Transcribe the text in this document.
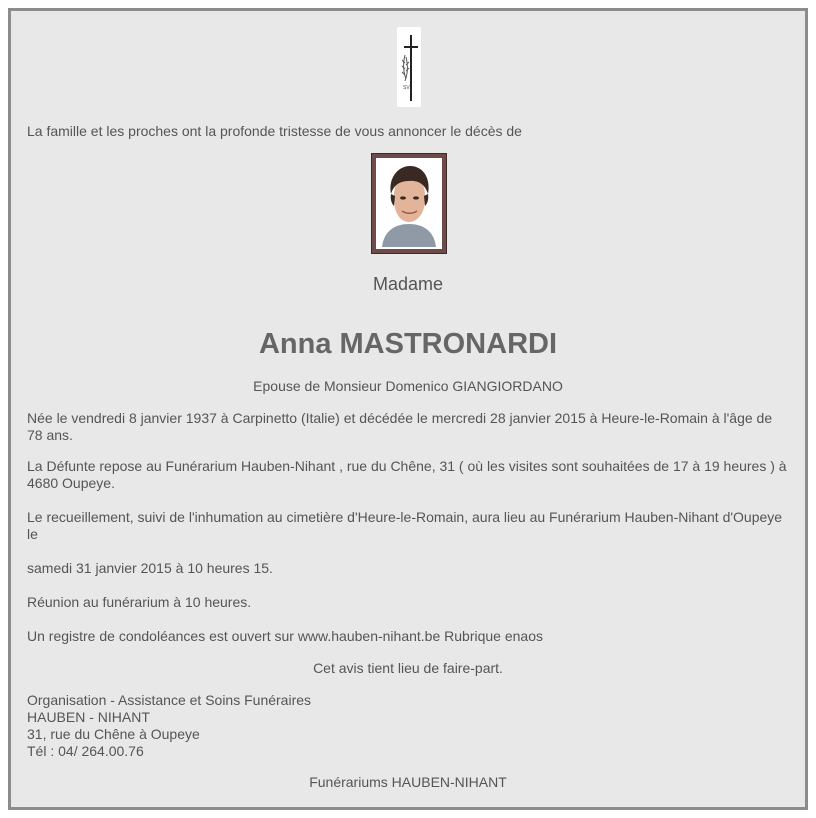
SV
La famille et les proches ont la profonde tristesse de vous annoncer le décès de
Madame
Anna MASTRONARDI
Epouse de Monsieur Domenico GIANGIORDANO
Née le vendredi 8 janvier 1937 à Carpinetto (Italie) et décédée le mercredi 28 janvier 2015 à Heure-le-Romain à l'âge de 78 ans.
La Défunte repose au Funérarium Hauben-Nihant , rue du Chêne, 31 ( où les visites sont souhaitées de 17 à 19 heures ) à 4680 Oupeye.
Le recueillement, suivi de l'inhumation au cimetière d'Heure-le-Romain, aura lieu au Funérarium Hauben-Nihant d'Oupeye le
samedi 31 janvier 2015 à 10 heures 15.
Réunion au funérarium à 10 heures.
Un registre de condoléances est ouvert sur www.hauben-nihant.be Rubrique enaos
Cet avis tient lieu de faire-part.
Organisation - Assistance et Soins Funéraires
HAUBEN - NIHANT
31, rue du Chêne à Oupeye
Tél : 04/ 264.00.76
Funérariums HAUBEN-NIHANT
